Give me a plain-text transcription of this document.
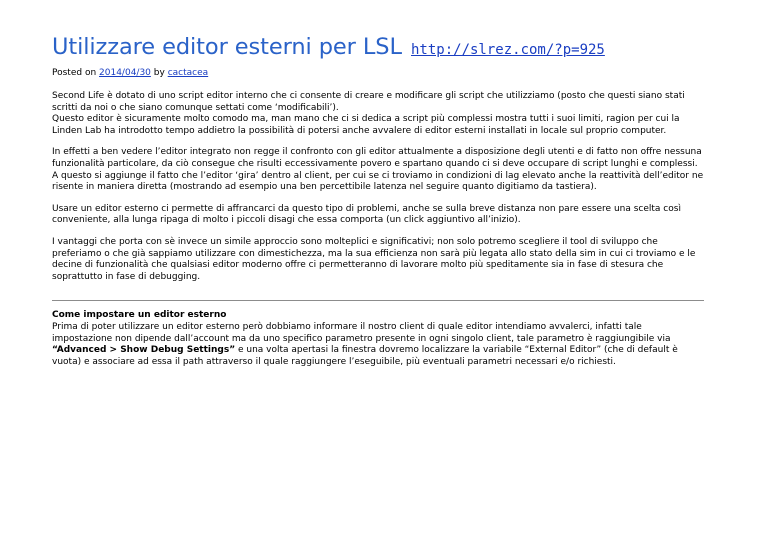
Utilizzare editor esterni per LSL http://slrez.com/?p=925
Posted on 2014/04/30 by cactacea

Second Life è dotato di uno script editor interno che ci consente di creare e modificare gli script che utilizziamo (posto che questi siano stati scritti da noi o che siano comunque settati come ‘modificabili’).
Questo editor è sicuramente molto comodo ma, man mano che ci si dedica a script più complessi mostra tutti i suoi limiti, ragion per cui la Linden Lab ha introdotto tempo addietro la possibilità di potersi anche avvalere di editor esterni installati in locale sul proprio computer.

In effetti a ben vedere l’editor integrato non regge il confronto con gli editor attualmente a disposizione degli utenti e di fatto non offre nessuna funzionalità particolare, da ciò consegue che risulti eccessivamente povero e spartano quando ci si deve occupare di script lunghi e complessi.
A questo si aggiunge il fatto che l’editor ‘gira’ dentro al client, per cui se ci troviamo in condizioni di lag elevato anche la reattività dell’editor ne risente in maniera diretta (mostrando ad esempio una ben percettibile latenza nel seguire quanto digitiamo da tastiera).

Usare un editor esterno ci permette di affrancarci da questo tipo di problemi, anche se sulla breve distanza non pare essere una scelta così conveniente, alla lunga ripaga di molto i piccoli disagi che essa comporta (un click aggiuntivo all’inizio).

I vantaggi che porta con sè invece un simile approccio sono molteplici e significativi; non solo potremo scegliere il tool di sviluppo che preferiamo o che già sappiamo utilizzare con dimestichezza, ma la sua efficienza non sarà più legata allo stato della sim in cui ci troviamo e le decine di funzionalità che qualsiasi editor moderno offre ci permetteranno di lavorare molto più speditamente sia in fase di stesura che soprattutto in fase di debugging.

Come impostare un editor esterno

Prima di poter utilizzare un editor esterno però dobbiamo informare il nostro client di quale editor intendiamo avvalerci, infatti tale impostazione non dipende dall’account ma da uno specifico parametro presente in ogni singolo client, tale parametro è raggiungibile via “Advanced > Show Debug Settings” e una volta apertasi la finestra dovremo localizzare la variabile “External Editor” (che di default è vuota) e associare ad essa il path attraverso il quale raggiungere l’eseguibile, più eventuali parametri necessari e/o richiesti.
